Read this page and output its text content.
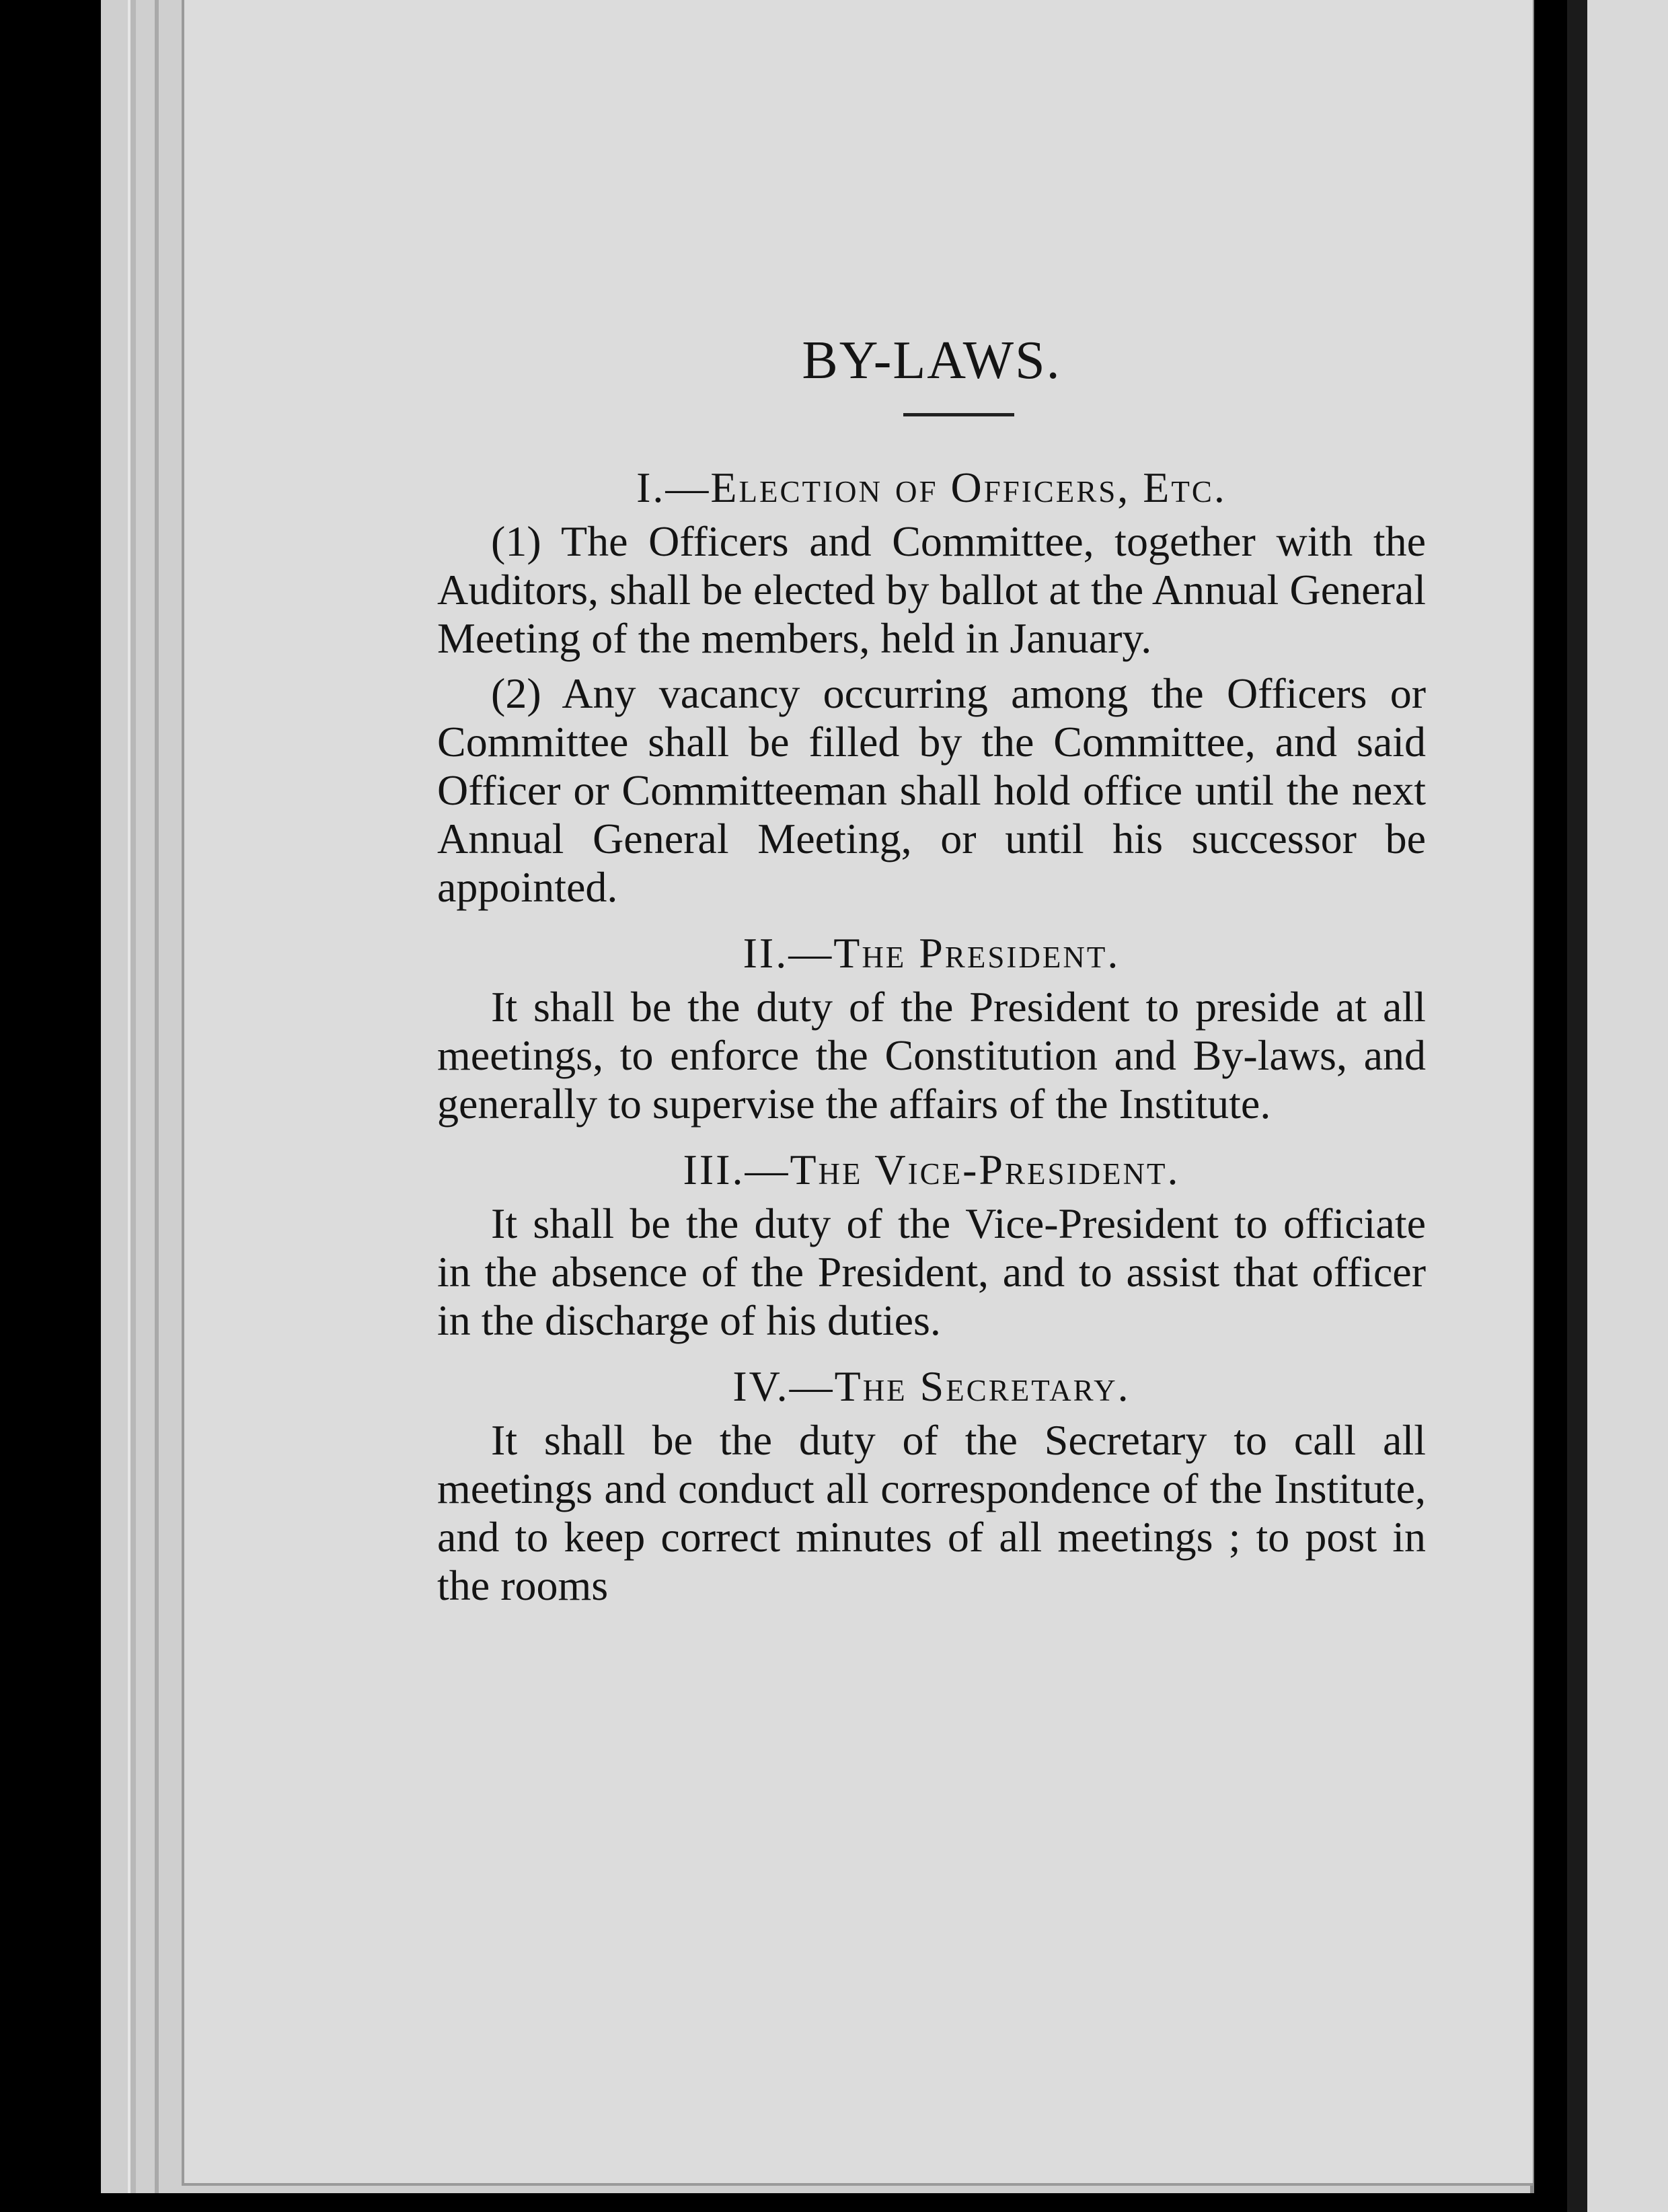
BY-LAWS.
I.—Election of Officers, Etc.

(1) The Officers and Committee, together with the Auditors, shall be elected by ballot at the Annual General Meeting of the members, held in January.

(2) Any vacancy occurring among the Officers or Committee shall be filled by the Committee, and said Officer or Committeeman shall hold office until the next Annual General Meeting, or until his successor be appointed.

II.—The President.

It shall be the duty of the President to preside at all meetings, to enforce the Constitution and By-laws, and generally to supervise the affairs of the Institute.

III.—The Vice-President.

It shall be the duty of the Vice-President to officiate in the absence of the President, and to assist that officer in the discharge of his duties.

IV.—The Secretary.

It shall be the duty of the Secretary to call all meetings and conduct all correspondence of the Institute, and to keep correct minutes of all meetings ; to post in the rooms
